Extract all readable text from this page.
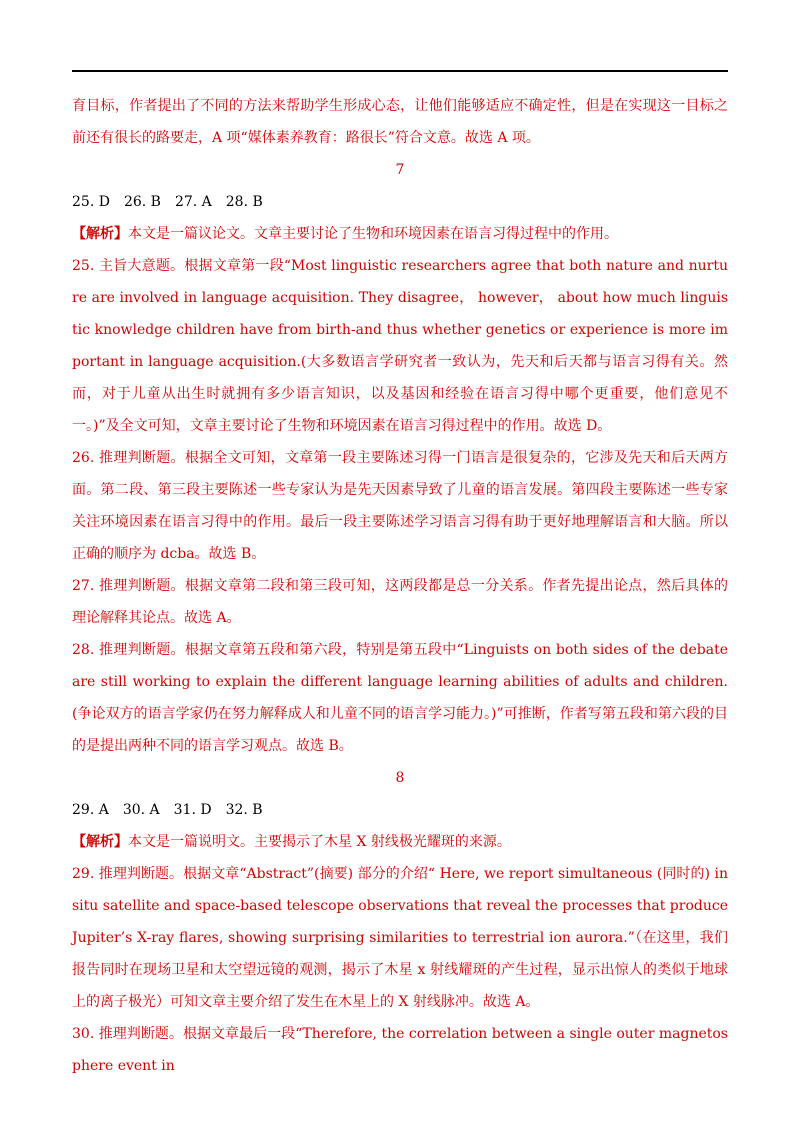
育目标，作者提出了不同的方法来帮助学生形成心态，让他们能够适应不确定性，但是在实现这一目标之前还有很长的路要走，A 项“媒体素养教育：路很长”符合文意。故选 A 项。

7

25. D　26. B　27. A　28. B

【解析】本文是一篇议论文。文章主要讨论了生物和环境因素在语言习得过程中的作用。

25. 主旨大意题。根据文章第一段“Most linguistic researchers agree that both nature and nurture are involved in language acquisition. They disagree， however， about how much linguistic knowledge children have from birth-and thus whether genetics or experience is more important in language acquisition.(大多数语言学研究者一致认为，先天和后天都与语言习得有关。然而，对于儿童从出生时就拥有多少语言知识，以及基因和经验在语言习得中哪个更重要，他们意见不一。)”及全文可知，文章主要讨论了生物和环境因素在语言习得过程中的作用。故选 D。

26. 推理判断题。根据全文可知，文章第一段主要陈述习得一门语言是很复杂的，它涉及先天和后天两方面。第二段、第三段主要陈述一些专家认为是先天因素导致了儿童的语言发展。第四段主要陈述一些专家关注环境因素在语言习得中的作用。最后一段主要陈述学习语言习得有助于更好地理解语言和大脑。所以正确的顺序为 dcba。故选 B。

27. 推理判断题。根据文章第二段和第三段可知，这两段都是总一分关系。作者先提出论点，然后具体的理论解释其论点。故选 A。

28. 推理判断题。根据文章第五段和第六段，特别是第五段中“Linguists on both sides of the debate are still working to explain the different language learning abilities of adults and children.(争论双方的语言学家仍在努力解释成人和儿童不同的语言学习能力。)”可推断，作者写第五段和第六段的目的是提出两种不同的语言学习观点。故选 B。

8

29. A　30. A　31. D　32. B

【解析】本文是一篇说明文。主要揭示了木星 X 射线极光耀斑的来源。

29. 推理判断题。根据文章“Abstract”(摘要) 部分的介绍“ Here, we report simultaneous (同时的) in situ satellite and space-based telescope observations that reveal the processes that produce Jupiter’s X-ray flares, showing surprising similarities to terrestrial ion aurora.”（在这里，我们报告同时在现场卫星和太空望远镜的观测，揭示了木星 x 射线耀斑的产生过程，显示出惊人的类似于地球上的离子极光）可知文章主要介绍了发生在木星上的 X 射线脉冲。故选 A。

30. 推理判断题。根据文章最后一段“Therefore, the correlation between a single outer magnetosphere event in
